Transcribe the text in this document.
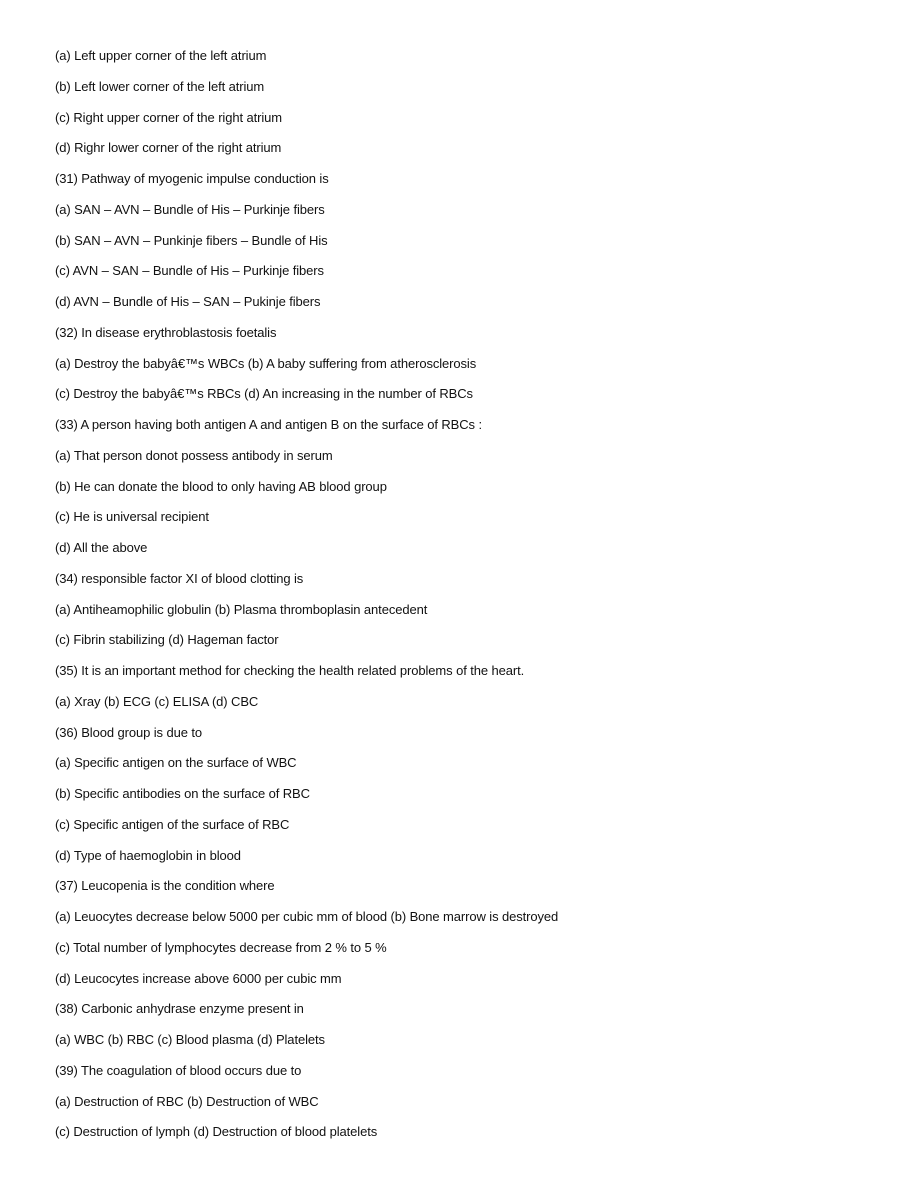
(a) Left upper corner of the left atrium
(b) Left lower corner of the left atrium
(c) Right upper corner of the right atrium
(d) Righr lower corner of the right atrium
(31) Pathway of myogenic impulse conduction is
(a) SAN – AVN – Bundle of His – Purkinje fibers
(b) SAN – AVN – Punkinje fibers – Bundle of His
(c) AVN – SAN – Bundle of His – Purkinje fibers
(d) AVN – Bundle of His – SAN – Pukinje fibers
(32) In disease erythroblastosis foetalis
(a) Destroy the babyâ€™s WBCs (b) A baby suffering from atherosclerosis
(c) Destroy the babyâ€™s RBCs (d) An increasing in the number of RBCs
(33) A person having both antigen A and antigen B on the surface of RBCs :
(a) That person donot possess antibody in serum
(b) He can donate the blood to only having AB blood group
(c) He is universal recipient
(d) All the above
(34) responsible factor XI of blood clotting is
(a) Antiheamophilic globulin (b) Plasma thromboplasin antecedent
(c) Fibrin stabilizing (d) Hageman factor
(35) It is an important method for checking the health related problems of the heart.
(a) Xray (b) ECG (c) ELISA (d) CBC
(36) Blood group is due to
(a) Specific antigen on the surface of WBC
(b) Specific antibodies on the surface of RBC
(c) Specific antigen of the surface of RBC
(d) Type of haemoglobin in blood
(37) Leucopenia is the condition where
(a) Leuocytes decrease below 5000 per cubic mm of blood (b) Bone marrow is destroyed
(c) Total number of lymphocytes decrease from 2 % to 5 %
(d) Leucocytes increase above 6000 per cubic mm
(38) Carbonic anhydrase enzyme present in
(a) WBC (b) RBC (c) Blood plasma (d) Platelets
(39) The coagulation of blood occurs due to
(a) Destruction of RBC (b) Destruction of WBC
(c) Destruction of lymph (d) Destruction of blood platelets
